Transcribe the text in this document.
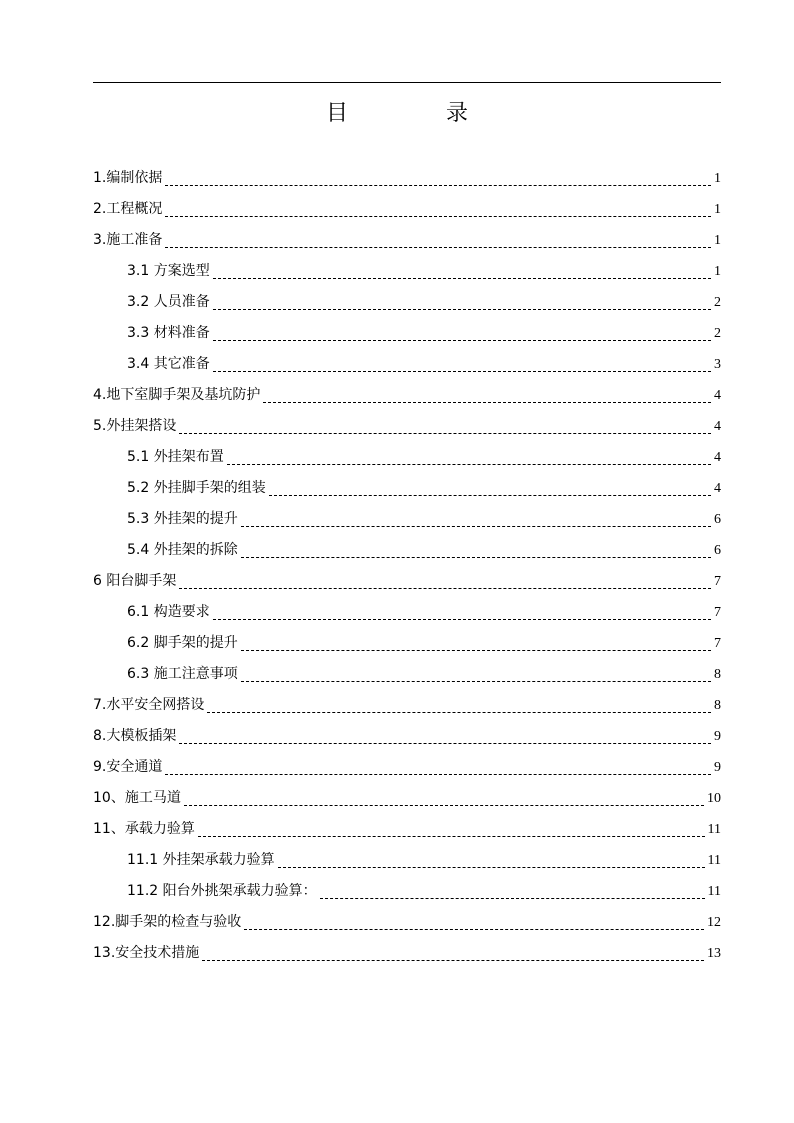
目　录
1.编制依据	1
2.工程概况	1
3.施工准备	1
3.1 方案选型	1
3.2 人员准备	2
3.3 材料准备	2
3.4 其它准备	3
4.地下室脚手架及基坑防护	4
5.外挂架搭设	4
5.1 外挂架布置	4
5.2 外挂脚手架的组装	4
5.3 外挂架的提升	6
5.4 外挂架的拆除	6
6 阳台脚手架	7
6.1 构造要求	7
6.2 脚手架的提升	7
6.3 施工注意事项	8
7.水平安全网搭设	8
8.大模板插架	9
9.安全通道	9
10、施工马道	10
11、承载力验算	11
11.1 外挂架承载力验算	11
11.2 阳台外挑架承载力验算：	11
12.脚手架的检查与验收	12
13.安全技术措施	13
